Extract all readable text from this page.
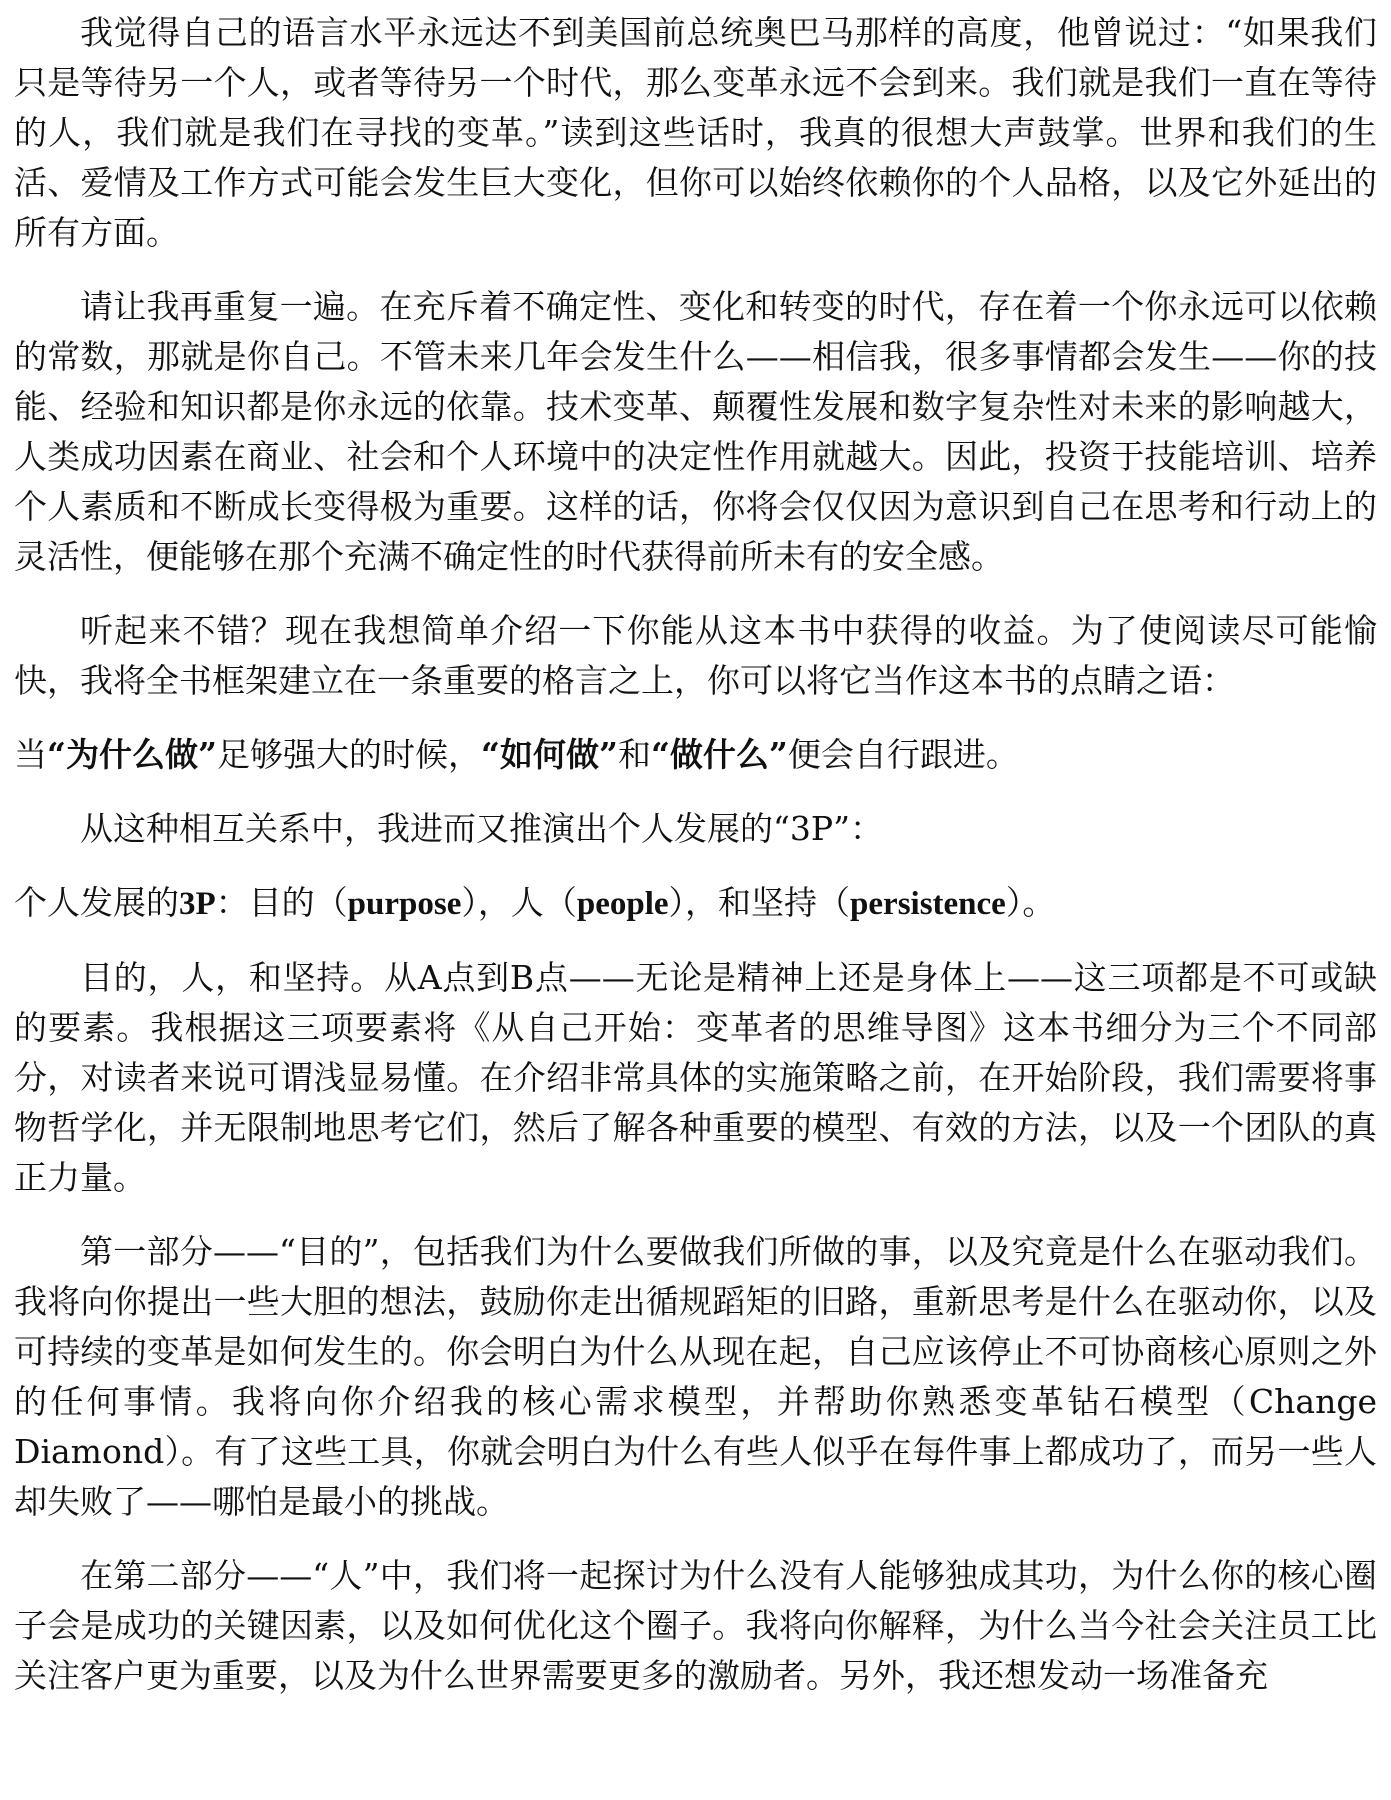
我觉得自己的语言水平永远达不到美国前总统奥巴马那样的高度，他曾说过：“如果我们只是等待另一个人，或者等待另一个时代，那么变革永远不会到来。我们就是我们一直在等待的人，我们就是我们在寻找的变革。”读到这些话时，我真的很想大声鼓掌。世界和我们的生活、爱情及工作方式可能会发生巨大变化，但你可以始终依赖你的个人品格，以及它外延出的所有方面。

请让我再重复一遍。在充斥着不确定性、变化和转变的时代，存在着一个你永远可以依赖的常数，那就是你自己。不管未来几年会发生什么——相信我，很多事情都会发生——你的技能、经验和知识都是你永远的依靠。技术变革、颠覆性发展和数字复杂性对未来的影响越大，人类成功因素在商业、社会和个人环境中的决定性作用就越大。因此，投资于技能培训、培养个人素质和不断成长变得极为重要。这样的话，你将会仅仅因为意识到自己在思考和行动上的灵活性，便能够在那个充满不确定性的时代获得前所未有的安全感。

听起来不错？现在我想简单介绍一下你能从这本书中获得的收益。为了使阅读尽可能愉快，我将全书框架建立在一条重要的格言之上，你可以将它当作这本书的点睛之语：

当“为什么做”足够强大的时候，“如何做”和“做什么”便会自行跟进。

从这种相互关系中，我进而又推演出个人发展的“3P”：

个人发展的3P：目的（purpose），人（people），和坚持（persistence）。

目的，人，和坚持。从A点到B点——无论是精神上还是身体上——这三项都是不可或缺的要素。我根据这三项要素将《从自己开始：变革者的思维导图》这本书细分为三个不同部分，对读者来说可谓浅显易懂。在介绍非常具体的实施策略之前，在开始阶段，我们需要将事物哲学化，并无限制地思考它们，然后了解各种重要的模型、有效的方法，以及一个团队的真正力量。

第一部分——“目的”，包括我们为什么要做我们所做的事，以及究竟是什么在驱动我们。我将向你提出一些大胆的想法，鼓励你走出循规蹈矩的旧路，重新思考是什么在驱动你，以及可持续的变革是如何发生的。你会明白为什么从现在起，自己应该停止不可协商核心原则之外的任何事情。我将向你介绍我的核心需求模型，并帮助你熟悉变革钻石模型（Change Diamond）。有了这些工具，你就会明白为什么有些人似乎在每件事上都成功了，而另一些人却失败了——哪怕是最小的挑战。

在第二部分——“人”中，我们将一起探讨为什么没有人能够独成其功，为什么你的核心圈子会是成功的关键因素，以及如何优化这个圈子。我将向你解释，为什么当今社会关注员工比关注客户更为重要，以及为什么世界需要更多的激励者。另外，我还想发动一场准备充
